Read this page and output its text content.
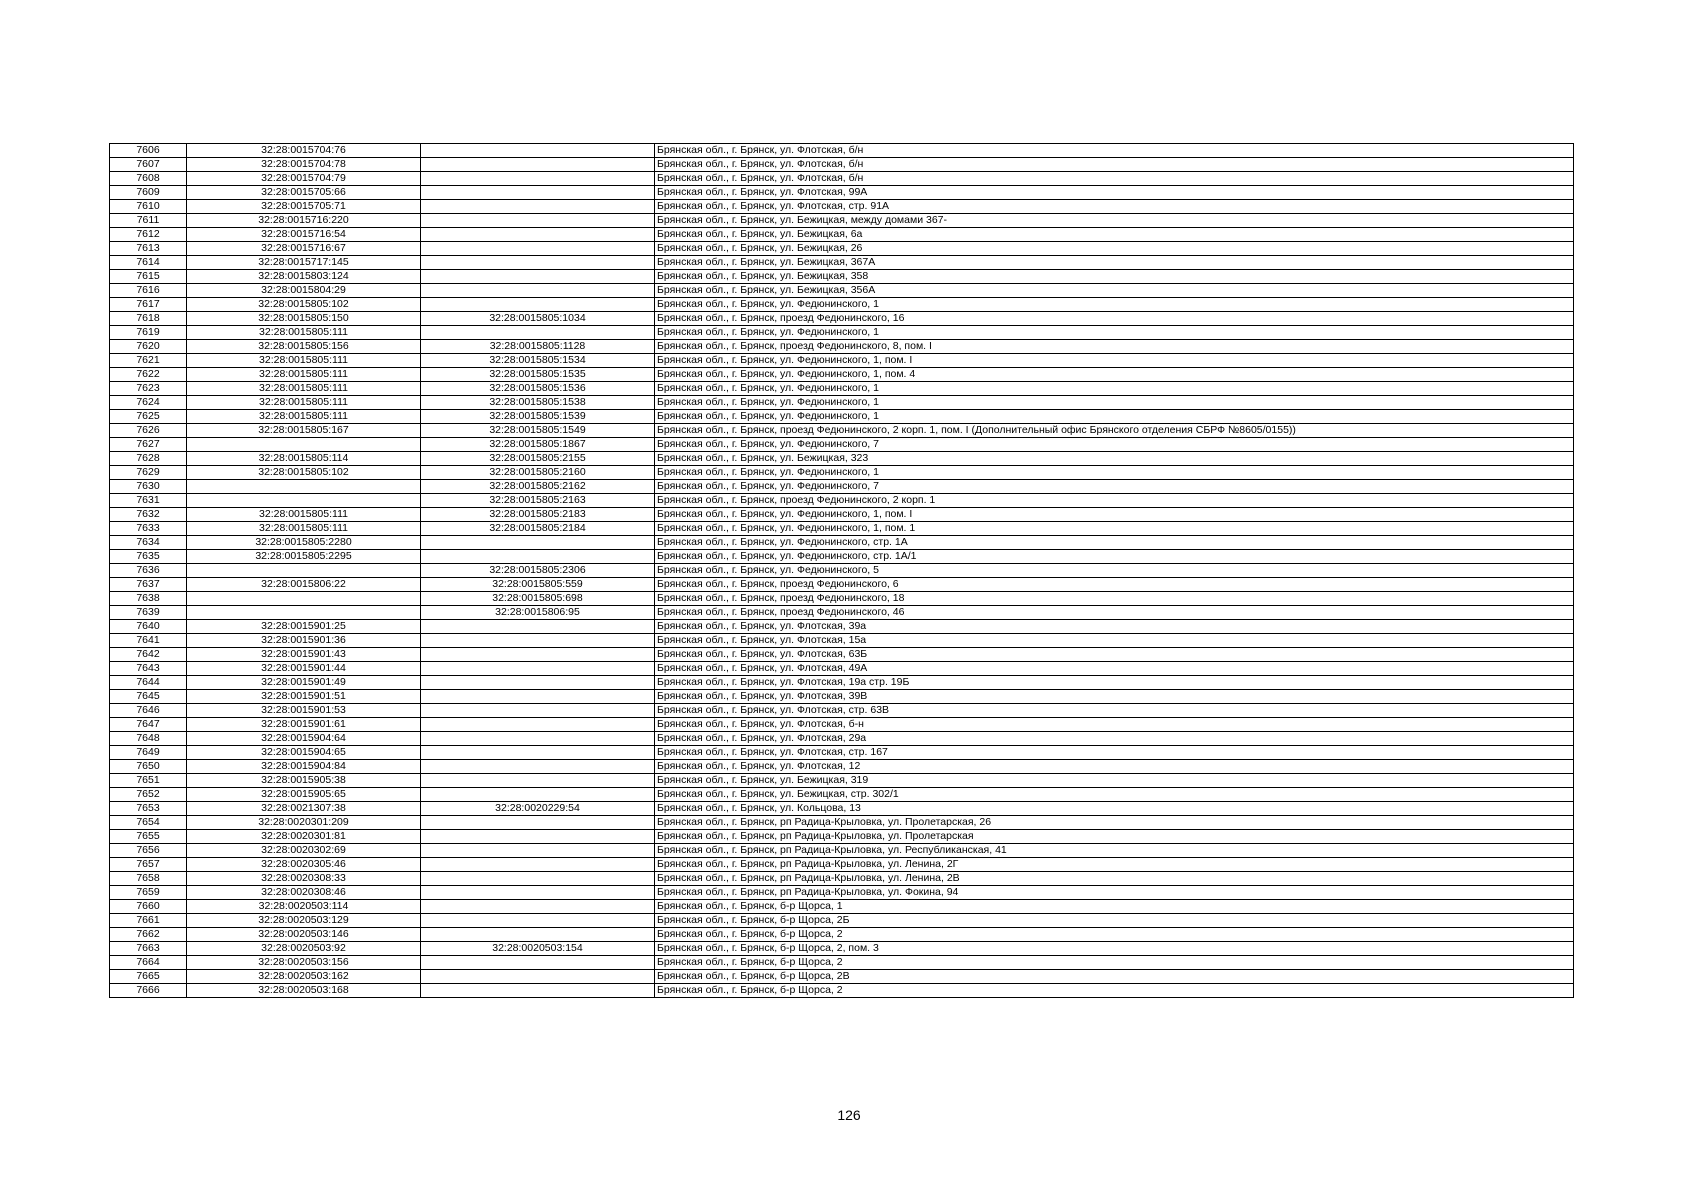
7606	32:28:0015704:76		Брянская обл., г. Брянск, ул. Флотская, б/н
7607	32:28:0015704:78		Брянская обл., г. Брянск, ул. Флотская, б/н
7608	32:28:0015704:79		Брянская обл., г. Брянск, ул. Флотская, б/н
7609	32:28:0015705:66		Брянская обл., г. Брянск, ул. Флотская, 99А
7610	32:28:0015705:71		Брянская обл., г. Брянск, ул. Флотская, стр. 91А
7611	32:28:0015716:220		Брянская обл., г. Брянск, ул. Бежицкая, между домами 367-
7612	32:28:0015716:54		Брянская обл., г. Брянск, ул. Бежицкая, 6а
7613	32:28:0015716:67		Брянская обл., г. Брянск, ул. Бежицкая, 26
7614	32:28:0015717:145		Брянская обл., г. Брянск, ул. Бежицкая, 367А
7615	32:28:0015803:124		Брянская обл., г. Брянск, ул. Бежицкая, 358
7616	32:28:0015804:29		Брянская обл., г. Брянск, ул. Бежицкая, 356А
7617	32:28:0015805:102		Брянская обл., г. Брянск, ул. Федюнинского, 1
7618	32:28:0015805:150	32:28:0015805:1034	Брянская обл., г. Брянск, проезд Федюнинского, 16
7619	32:28:0015805:111		Брянская обл., г. Брянск, ул. Федюнинского, 1
7620	32:28:0015805:156	32:28:0015805:1128	Брянская обл., г. Брянск, проезд Федюнинского, 8, пом. I
7621	32:28:0015805:111	32:28:0015805:1534	Брянская обл., г. Брянск, ул. Федюнинского, 1, пом. I
7622	32:28:0015805:111	32:28:0015805:1535	Брянская обл., г. Брянск, ул. Федюнинского, 1, пом. 4
7623	32:28:0015805:111	32:28:0015805:1536	Брянская обл., г. Брянск, ул. Федюнинского, 1
7624	32:28:0015805:111	32:28:0015805:1538	Брянская обл., г. Брянск, ул. Федюнинского, 1
7625	32:28:0015805:111	32:28:0015805:1539	Брянская обл., г. Брянск, ул. Федюнинского, 1
7626	32:28:0015805:167	32:28:0015805:1549	Брянская обл., г. Брянск, проезд Федюнинского, 2 корп. 1, пом. I (Дополнительный офис Брянского отделения СБРФ №8605/0155))
7627		32:28:0015805:1867	Брянская обл., г. Брянск, ул. Федюнинского, 7
7628	32:28:0015805:114	32:28:0015805:2155	Брянская обл., г. Брянск, ул. Бежицкая, 323
7629	32:28:0015805:102	32:28:0015805:2160	Брянская обл., г. Брянск, ул. Федюнинского, 1
7630		32:28:0015805:2162	Брянская обл., г. Брянск, ул. Федюнинского, 7
7631		32:28:0015805:2163	Брянская обл., г. Брянск, проезд Федюнинского, 2 корп. 1
7632	32:28:0015805:111	32:28:0015805:2183	Брянская обл., г. Брянск, ул. Федюнинского, 1, пом. I
7633	32:28:0015805:111	32:28:0015805:2184	Брянская обл., г. Брянск, ул. Федюнинского, 1, пом. 1
7634	32:28:0015805:2280		Брянская обл., г. Брянск, ул. Федюнинского, стр. 1А
7635	32:28:0015805:2295		Брянская обл., г. Брянск, ул. Федюнинского, стр. 1А/1
7636		32:28:0015805:2306	Брянская обл., г. Брянск, ул. Федюнинского, 5
7637	32:28:0015806:22	32:28:0015805:559	Брянская обл., г. Брянск, проезд Федюнинского, 6
7638		32:28:0015805:698	Брянская обл., г. Брянск, проезд Федюнинского, 18
7639		32:28:0015806:95	Брянская обл., г. Брянск, проезд Федюнинского, 46
7640	32:28:0015901:25		Брянская обл., г. Брянск, ул. Флотская, 39а
7641	32:28:0015901:36		Брянская обл., г. Брянск, ул. Флотская, 15а
7642	32:28:0015901:43		Брянская обл., г. Брянск, ул. Флотская, 63Б
7643	32:28:0015901:44		Брянская обл., г. Брянск, ул. Флотская, 49А
7644	32:28:0015901:49		Брянская обл., г. Брянск, ул. Флотская, 19а стр. 19Б
7645	32:28:0015901:51		Брянская обл., г. Брянск, ул. Флотская, 39В
7646	32:28:0015901:53		Брянская обл., г. Брянск, ул. Флотская, стр. 63В
7647	32:28:0015901:61		Брянская обл., г. Брянск, ул. Флотская, б-н
7648	32:28:0015904:64		Брянская обл., г. Брянск, ул. Флотская, 29а
7649	32:28:0015904:65		Брянская обл., г. Брянск, ул. Флотская, стр. 167
7650	32:28:0015904:84		Брянская обл., г. Брянск, ул. Флотская, 12
7651	32:28:0015905:38		Брянская обл., г. Брянск, ул. Бежицкая, 319
7652	32:28:0015905:65		Брянская обл., г. Брянск, ул. Бежицкая, стр. 302/1
7653	32:28:0021307:38	32:28:0020229:54	Брянская обл., г. Брянск, ул. Кольцова, 13
7654	32:28:0020301:209		Брянская обл., г. Брянск, рп Радица-Крыловка, ул. Пролетарская, 26
7655	32:28:0020301:81		Брянская обл., г. Брянск, рп Радица-Крыловка, ул. Пролетарская
7656	32:28:0020302:69		Брянская обл., г. Брянск, рп Радица-Крыловка, ул. Республиканская, 41
7657	32:28:0020305:46		Брянская обл., г. Брянск, рп Радица-Крыловка, ул. Ленина, 2Г
7658	32:28:0020308:33		Брянская обл., г. Брянск, рп Радица-Крыловка, ул. Ленина, 2В
7659	32:28:0020308:46		Брянская обл., г. Брянск, рп Радица-Крыловка, ул. Фокина, 94
7660	32:28:0020503:114		Брянская обл., г. Брянск, б-р Щорса, 1
7661	32:28:0020503:129		Брянская обл., г. Брянск, б-р Щорса, 2Б
7662	32:28:0020503:146		Брянская обл., г. Брянск, б-р Щорса, 2
7663	32:28:0020503:92	32:28:0020503:154	Брянская обл., г. Брянск, б-р Щорса, 2, пом. 3
7664	32:28:0020503:156		Брянская обл., г. Брянск, б-р Щорса, 2
7665	32:28:0020503:162		Брянская обл., г. Брянск, б-р Щорса, 2В
7666	32:28:0020503:168		Брянская обл., г. Брянск, б-р Щорса, 2
126
